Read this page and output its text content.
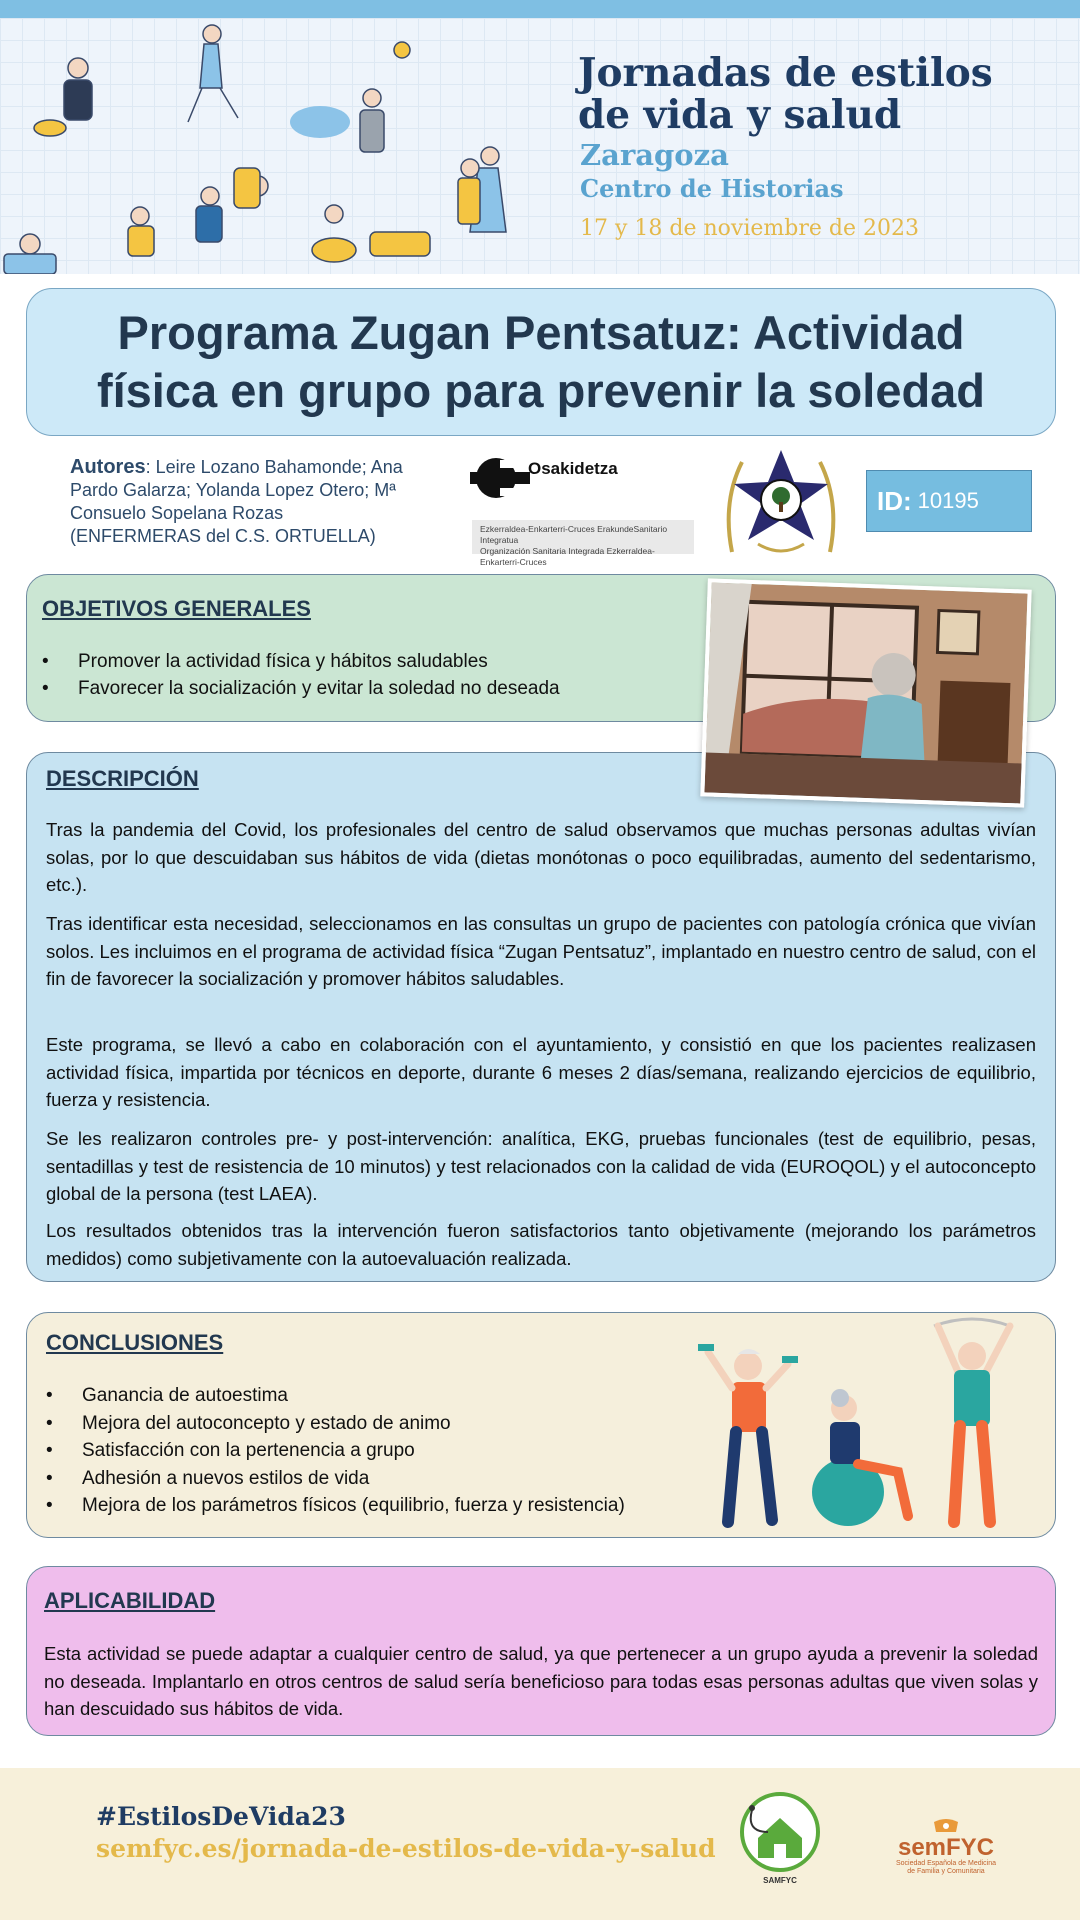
Jornadas de estilos
de vida y salud
Zaragoza
Centro de Historias
17 y 18 de noviembre de 2023
Programa Zugan Pentsatuz: Actividad
física en grupo para prevenir la soledad
Autores: Leire Lozano Bahamonde; Ana
Pardo Galarza; Yolanda Lopez Otero; Mª
Consuelo Sopelana Rozas
(ENFERMERAS del C.S. ORTUELLA)
Osakidetza
Ezkerraldea-Enkarterri-Cruces ErakundeSanitario Integratua
Organización Sanitaria Integrada Ezkerraldea-Enkarterri-Cruces
ID: 10195
OBJETIVOS GENERALES
• Promover la actividad física y hábitos saludables
• Favorecer la socialización y evitar la soledad no deseada
DESCRIPCIÓN

Tras la pandemia del Covid, los profesionales del centro de salud observamos que muchas personas adultas vivían solas, por lo que descuidaban sus hábitos de vida (dietas monótonas o poco equilibradas, aumento del sedentarismo, etc.).

Tras identificar esta necesidad, seleccionamos en las consultas un grupo de pacientes con patología crónica que vivían solos. Les incluimos en el programa de actividad física “Zugan Pentsatuz”, implantado en nuestro centro de salud, con el fin de favorecer la socialización y promover hábitos saludables.

Este programa, se llevó a cabo en colaboración con el ayuntamiento, y consistió en que los pacientes realizasen actividad física, impartida por técnicos en deporte, durante 6 meses 2 días/semana, realizando ejercicios de equilibrio, fuerza y resistencia.

Se les realizaron controles pre- y post-intervención: analítica, EKG, pruebas funcionales (test de equilibrio, pesas, sentadillas y test de resistencia de 10 minutos) y test relacionados con la calidad de vida (EUROQOL) y el autoconcepto global de la persona (test LAEA).

Los resultados obtenidos tras la intervención fueron satisfactorios tanto objetivamente (mejorando los parámetros medidos) como subjetivamente con la autoevaluación realizada.

CONCLUSIONES
• Ganancia de autoestima
• Mejora del autoconcepto y estado de animo
• Satisfacción con la pertenencia a grupo
• Adhesión a nuevos estilos de vida
• Mejora de los parámetros físicos (equilibrio, fuerza y resistencia)
APLICABILIDAD

Esta actividad se puede adaptar a cualquier centro de salud, ya que pertenecer a un grupo ayuda a prevenir la soledad no deseada. Implantarlo en otros centros de salud sería beneficioso para todas esas personas adultas que viven solas y han descuidado sus hábitos de vida.

#EstilosDeVida23
semfyc.es/jornada-de-estilos-de-vida-y-salud
SAMFYC
semFYC
Sociedad Española de Medicina
de Familia y Comunitaria
